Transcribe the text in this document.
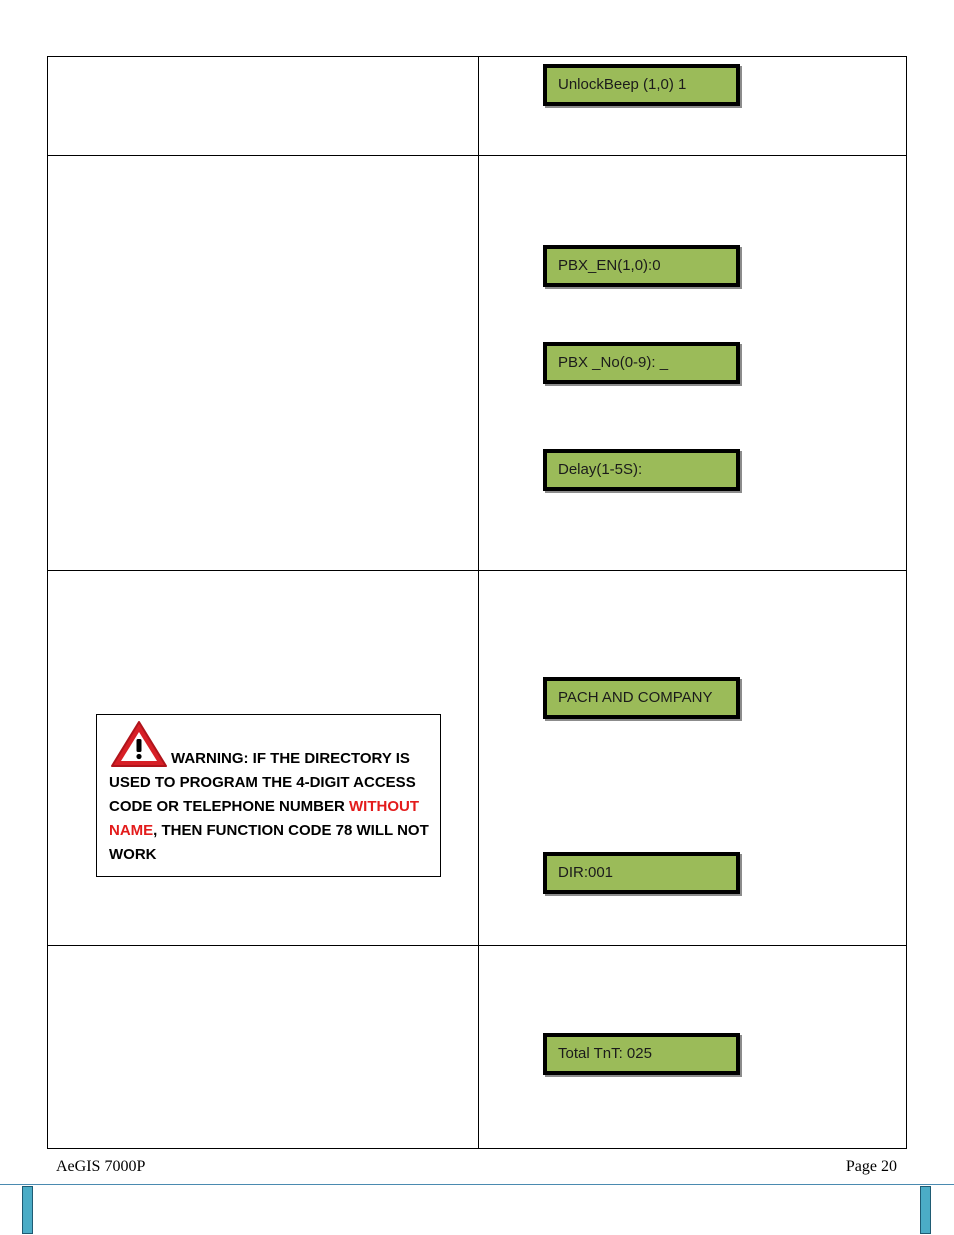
UnlockBeep (1,0) 1
PBX_EN(1,0):0
PBX _No(0-9): _
Delay(1-5S):
PACH AND COMPANY
DIR:001
Total TnT: 025
WARNING: IF THE DIRECTORY IS USED TO PROGRAM THE 4-DIGIT ACCESS CODE OR TELEPHONE NUMBER WITHOUT NAME, THEN FUNCTION CODE 78 WILL NOT WORK
AeGIS 7000P	Page 20
